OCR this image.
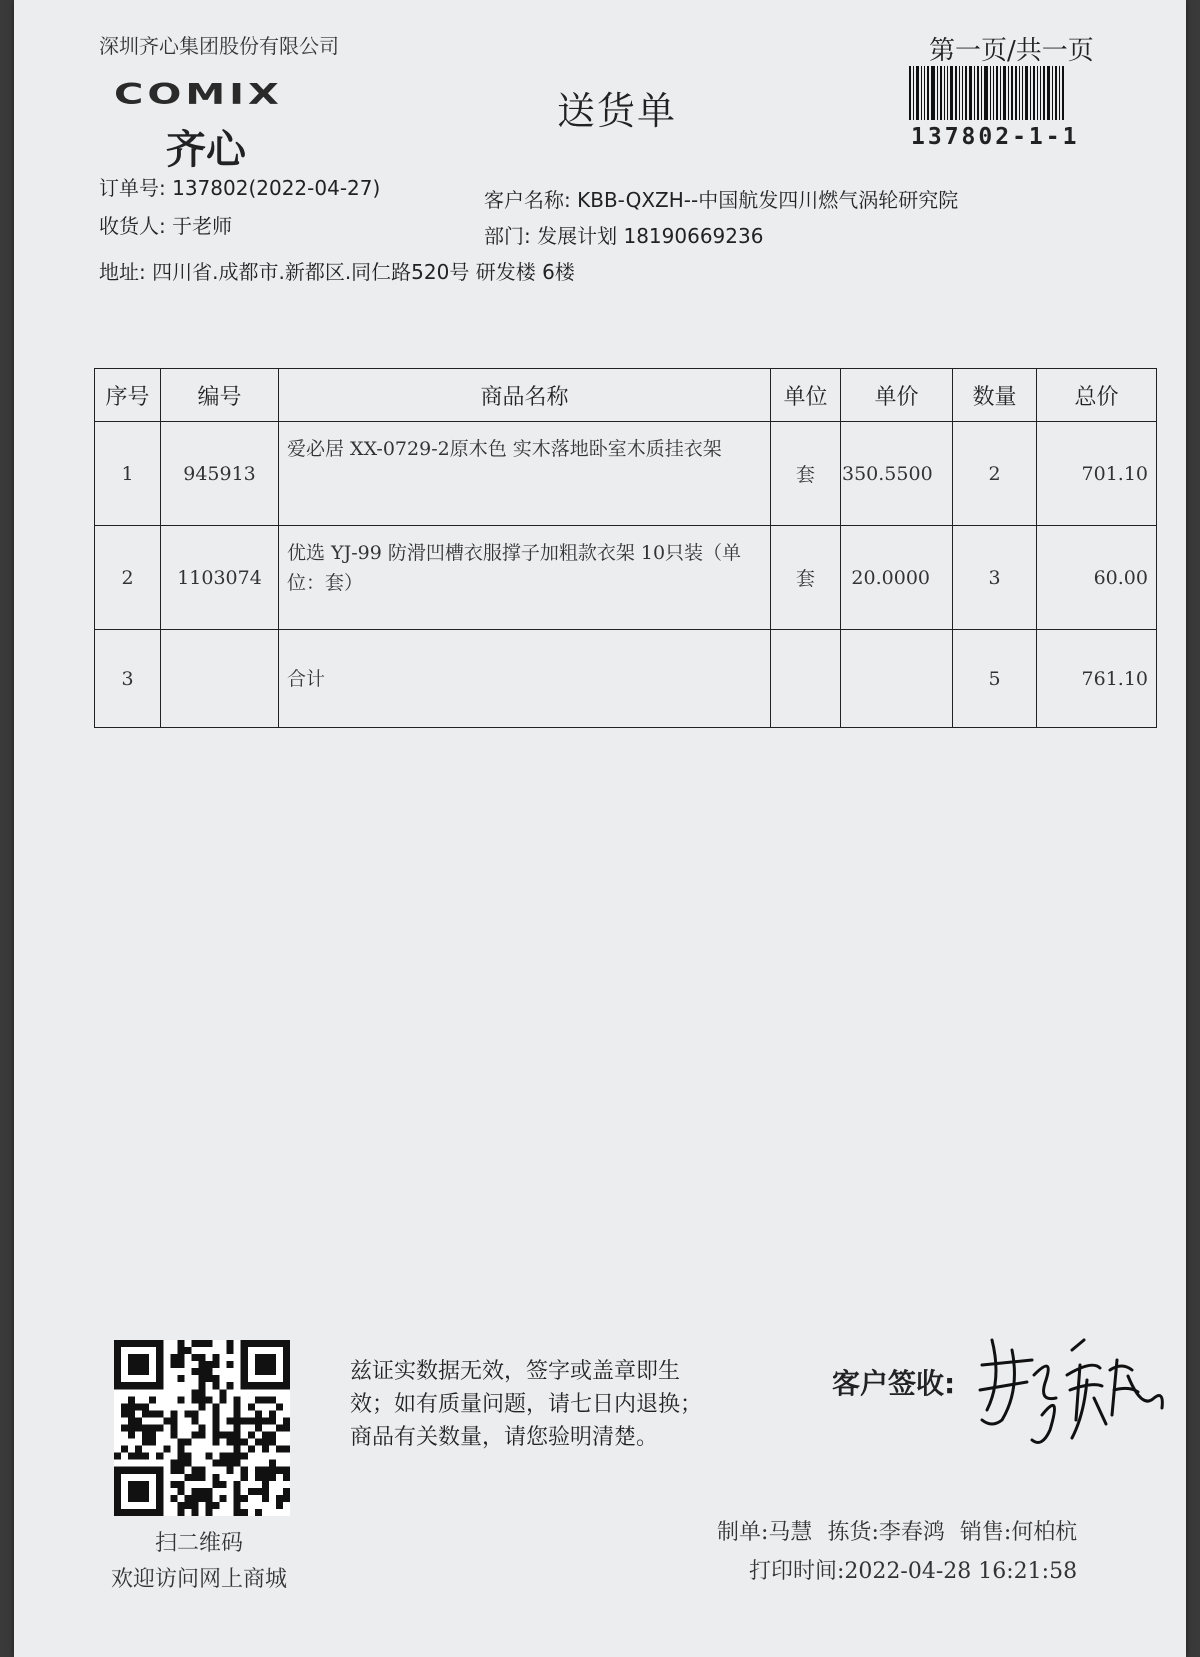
深圳齐心集团股份有限公司
COMIX
齐心
送货单
第一页/共一页
137802-1-1
订单号: 137802(2022-04-27)	客户名称: KBB-QXZH--中国航发四川燃气涡轮研究院
收货人: 于老师	部门: 发展计划 18190669236
地址: 四川省.成都市.新都区.同仁路520号 研发楼 6楼
序号	编号	商品名称	单位	单价	数量	总价
1	945913	爱必居 XX-0729-2原木色 实木落地卧室木质挂衣架	套	350.5500	2	701.10
2	1103074	优选 YJ-99 防滑凹槽衣服撑子加粗款衣架 10只装（单位：套）	套	20.0000	3	60.00
3		合计			5	761.10
扫二维码
欢迎访问网上商城
兹证实数据无效，签字或盖章即生
效；如有质量问题，请七日内退换；
商品有关数量，请您验明清楚。
客户签收:
制单:马慧 拣货:李春鸿 销售:何柏杭
打印时间:2022-04-28 16:21:58
